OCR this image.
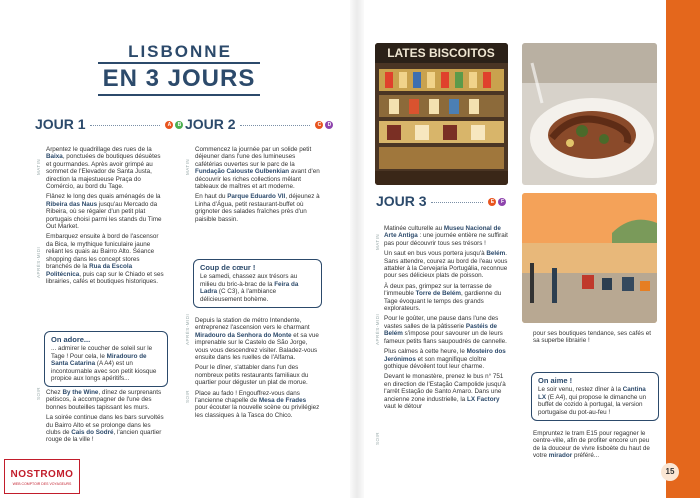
LISBONNE
EN 3 JOURS
JOUR 1	A B
MATIN
APRÈS-MIDI
SOIR

Arpentez le quadrillage des rues de la Baixa, ponctuées de boutiques désuètes et gourmandes. Après avoir grimpé au sommet de l'Elevador de Santa Justa, direction la majestueuse Praça do Comércio, au bord du Tage.

Flânez le long des quais aménagés de la Ribeira das Naus jusqu'au Mercado da Ribeira, où se régaler d'un petit plat portugais choisi parmi les stands du Time Out Market.

Embarquez ensuite à bord de l'ascensor da Bica, le mythique funiculaire jaune reliant les quais au Bairro Alto. Séance shopping dans les concept stores branchés de la Rua da Escola Politécnica, puis cap sur le Chiado et ses librairies, cafés et boutiques historiques.

On adore...
... admirer le coucher de soleil sur le Tage ! Pour cela, le Miradouro de Santa Catarina (A A4) est un incontournable avec son petit kiosque propice aux longs apéritifs...

Chez By the Wine, dînez de surprenants petiscos, à accompagner de l'une des bonnes bouteilles tapissant les murs.

La soirée continue dans les bars survoltés du Bairro Alto et se prolonge dans les clubs de Cais do Sodré, l'ancien quartier rouge de la ville !

JOUR 2	C D
MATIN
APRÈS-MIDI
SOIR

Commencez la journée par un solide petit déjeuner dans l'une des lumineuses cafétérias ouvertes sur le parc de la Fundação Calouste Gulbenkian avant d'en découvrir les riches collections mêlant tableaux de maîtres et art moderne.

En haut du Parque Eduardo VII, déjeunez à Linha d'Água, petit restaurant-buffet où grignoter des salades fraîches près d'un paisible bassin.

Coup de cœur !
Le samedi, chassez aux trésors au milieu du bric-à-brac de la Feira da Ladra (C C3), à l'ambiance délicieusement bohème.

Depuis la station de métro Intendente, entreprenez l'ascension vers le charmant Miradouro da Senhora do Monte et sa vue imprenable sur le Castelo de São Jorge, vous vous descendrez visiter. Baladez-vous ensuite dans les ruelles de l'Alfama.

Pour le dîner, s'attabler dans l'un des nombreux petits restaurants familiaux du quartier pour déguster un plat de morue.

Place au fado ! Engouffrez-vous dans l'ancienne chapelle de Mesa de Frades pour écouter la nouvelle scène ou privilégiez les classiques à la Tasca do Chico.

LATES BISCOITOS
JOUR 3	E F
MATIN
APRÈS-MIDI
SOIR

Matinée culturelle au Museu Nacional de Arte Antiga : une journée entière ne suffirait pas pour découvrir tous ses trésors !

Un saut en bus vous portera jusqu'à Belém. Sans attendre, courez au bord de l'eau vous attabler à la Cervejaria Portugália, reconnue pour ses délicieux plats de poisson.

À deux pas, grimpez sur la terrasse de l'immeuble Torre de Belém, gardienne du Tage évoquant le temps des grands explorateurs.

Pour le goûter, une pause dans l'une des vastes salles de la pâtisserie Pastéis de Belém s'impose pour savourer un de leurs fameux petits flans saupoudrés de cannelle.

Plus calmes à cette heure, le Mosteiro dos Jerónimos et son magnifique cloître gothique dévoilent tout leur charme.

Devant le monastère, prenez le bus n° 751 en direction de l'Estação Campolide jusqu'à l'arrêt Estação de Santo Amaro. Dans une ancienne zone industrielle, la LX Factory vaut le détour

pour ses boutiques tendance, ses cafés et sa superbe librairie !

On aime !
Le soir venu, restez dîner à la Cantina LX (E A4), qui propose le dimanche un buffet de cozido à portugal, la version portugaise du pot-au-feu !

Empruntez le tram E15 pour regagner le centre-ville, afin de profiter encore un peu de la douceur de vivre lisboète du haut de votre mirador préféré...

15
NOSTROMO
WEB COMPTOIR DES VOYAGEURS
